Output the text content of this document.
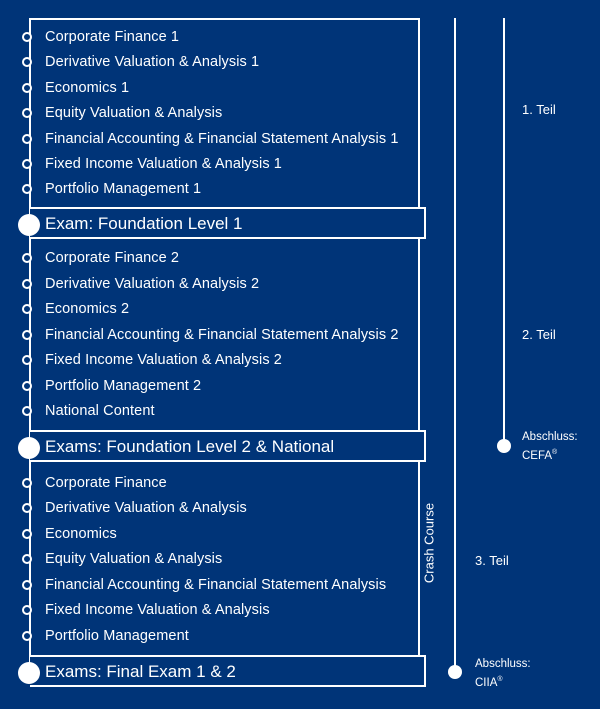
Corporate Finance 1
Derivative Valuation & Analysis 1
Economics 1
Equity Valuation & Analysis
Financial Accounting & Financial Statement Analysis 1
Fixed Income Valuation & Analysis 1
Portfolio Management 1
Exam: Foundation Level 1
Corporate Finance 2
Derivative Valuation & Analysis 2
Economics 2
Financial Accounting & Financial Statement Analysis 2
Fixed Income Valuation & Analysis 2
Portfolio Management 2
National Content
Exams: Foundation Level 2 & National
Corporate Finance
Derivative Valuation & Analysis
Economics
Equity Valuation & Analysis
Financial Accounting & Financial Statement Analysis
Fixed Income Valuation & Analysis
Portfolio Management
Exams: Final Exam 1 & 2
Crash Course
1. Teil
2. Teil
3. Teil
Abschluss:
CEFA®
Abschluss:
CIIA®
